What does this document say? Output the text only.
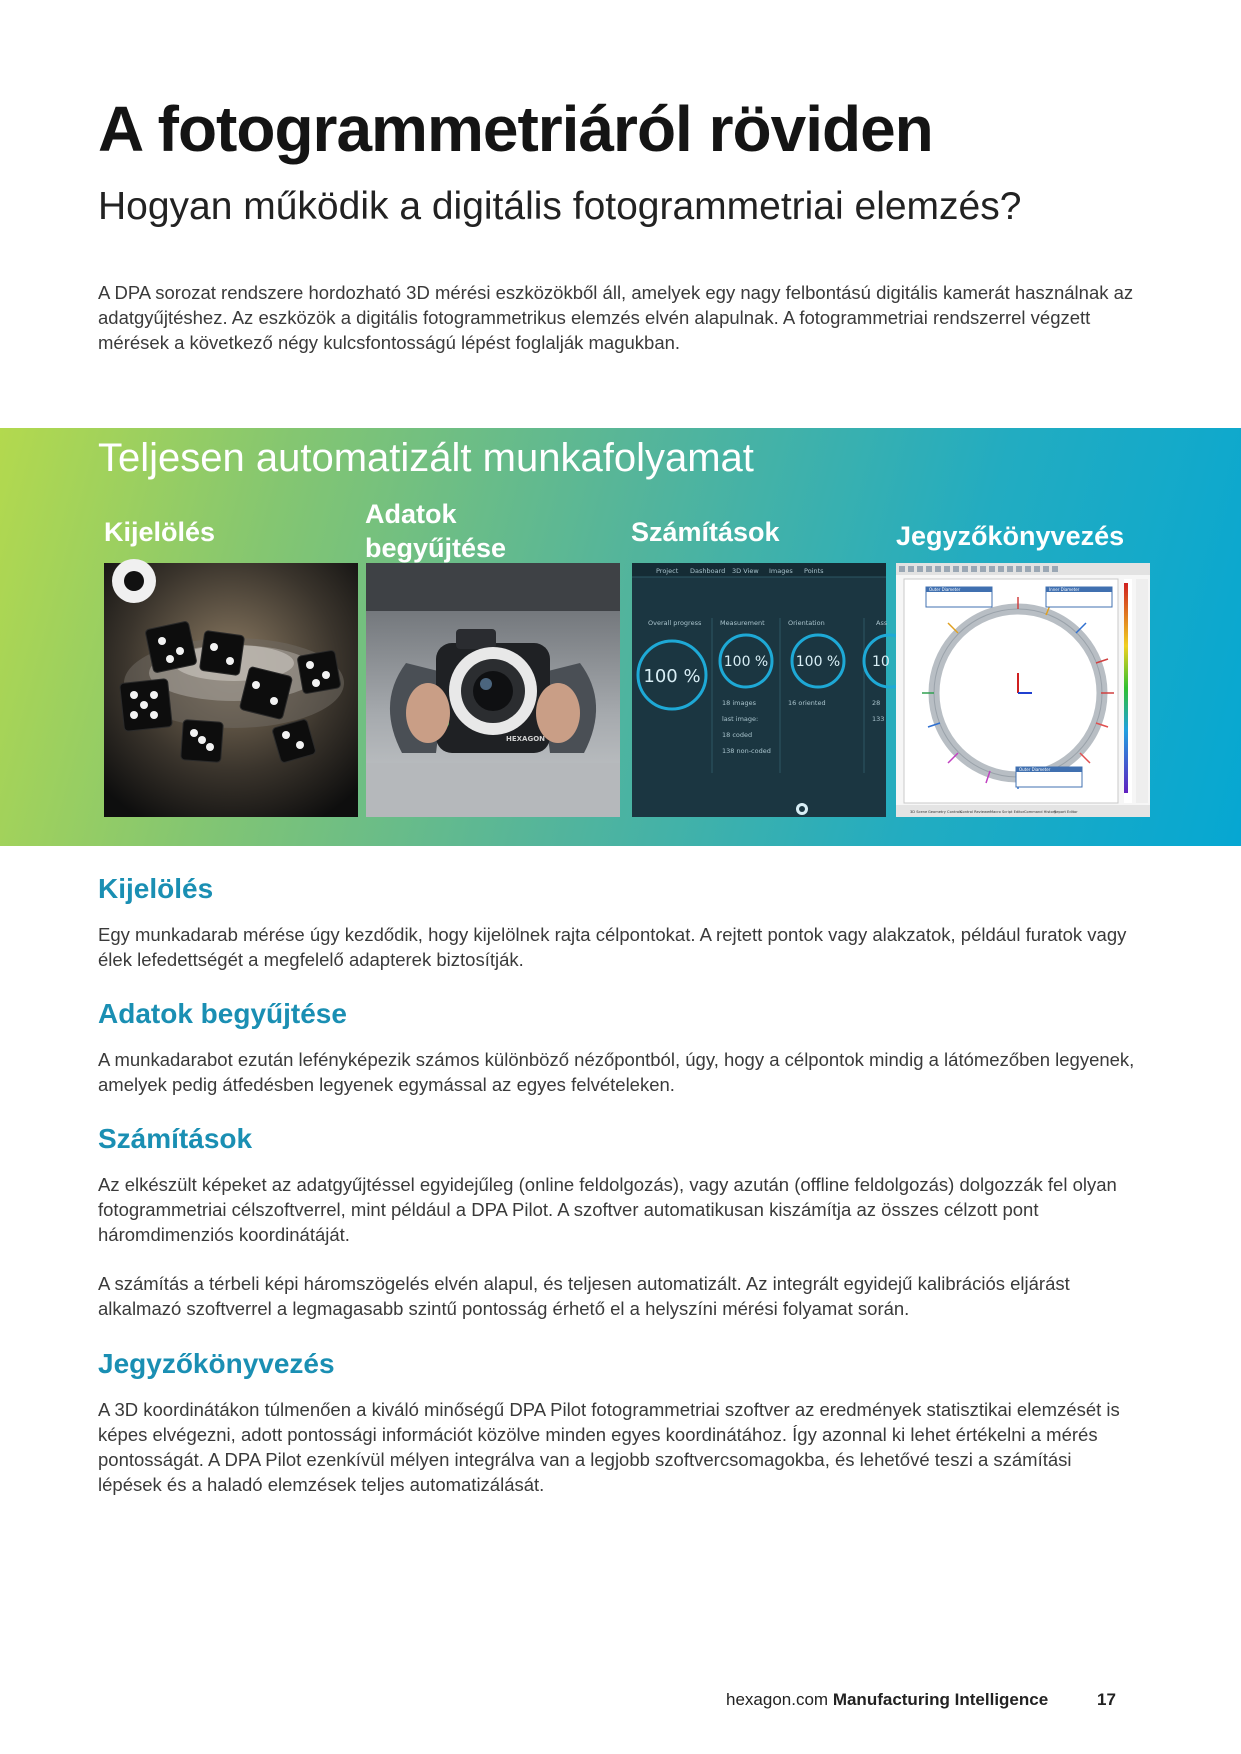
A fotogrammetriáról röviden
Hogyan működik a digitális fotogrammetriai elemzés?

A DPA sorozat rendszere hordozható 3D mérési eszközökből áll, amelyek egy nagy felbontású digitális kamerát használnak az adatgyűjtéshez. Az eszközök a digitális fotogrammetrikus elemzés elvén alapulnak. A fotogrammetriai rendszerrel végzett mérések a következő négy kulcsfontosságú lépést foglalják magukban.

Teljesen automatizált munkafolyamat
Kijelölés
Adatok begyűjtése
Számítások	Jegyzőkönyvezés
HEXAGON
Project Dashboard 3D View Images Points
Overall progress	Measurement	Orientation	Ass
18 images
last image:
18 coded
138 non-coded
16 oriented	28
133
100 %
100 % 100 % 10
Outer Diameter	Inner Diameter
Outer Diameter
3D Scene Geometry Controls
Control Reviewer Macro Script Editor Command History
Report Editor
Kijelölés

Egy munkadarab mérése úgy kezdődik, hogy kijelölnek rajta célpontokat. A rejtett pontok vagy alakzatok, például furatok vagy élek lefedettségét a megfelelő adapterek biztosítják.

Adatok begyűjtése

A munkadarabot ezután lefényképezik számos különböző nézőpontból, úgy, hogy a célpontok mindig a látómezőben legyenek, amelyek pedig átfedésben legyenek egymással az egyes felvételeken.

Számítások

Az elkészült képeket az adatgyűjtéssel egyidejűleg (online feldolgozás), vagy azután (offline feldolgozás) dolgozzák fel olyan fotogrammetriai célszoftverrel, mint például a DPA Pilot. A szoftver automatikusan kiszámítja az összes célzott pont háromdimenziós koordinátáját.

A számítás a térbeli képi háromszögelés elvén alapul, és teljesen automatizált. Az integrált egyidejű kalibrációs eljárást alkalmazó szoftverrel a legmagasabb szintű pontosság érhető el a helyszíni mérési folyamat során.

Jegyzőkönyvezés

A 3D koordinátákon túlmenően a kiváló minőségű DPA Pilot fotogrammetriai szoftver az eredmények statisztikai elemzését is képes elvégezni, adott pontossági információt közölve minden egyes koordinátához. Így azonnal ki lehet értékelni a mérés pontosságát. A DPA Pilot ezenkívül mélyen integrálva van a legjobb szoftvercsomagokba, és lehetővé teszi a számítási lépések és a haladó elemzések teljes automatizálását.

hexagon.com Manufacturing Intelligence	17
